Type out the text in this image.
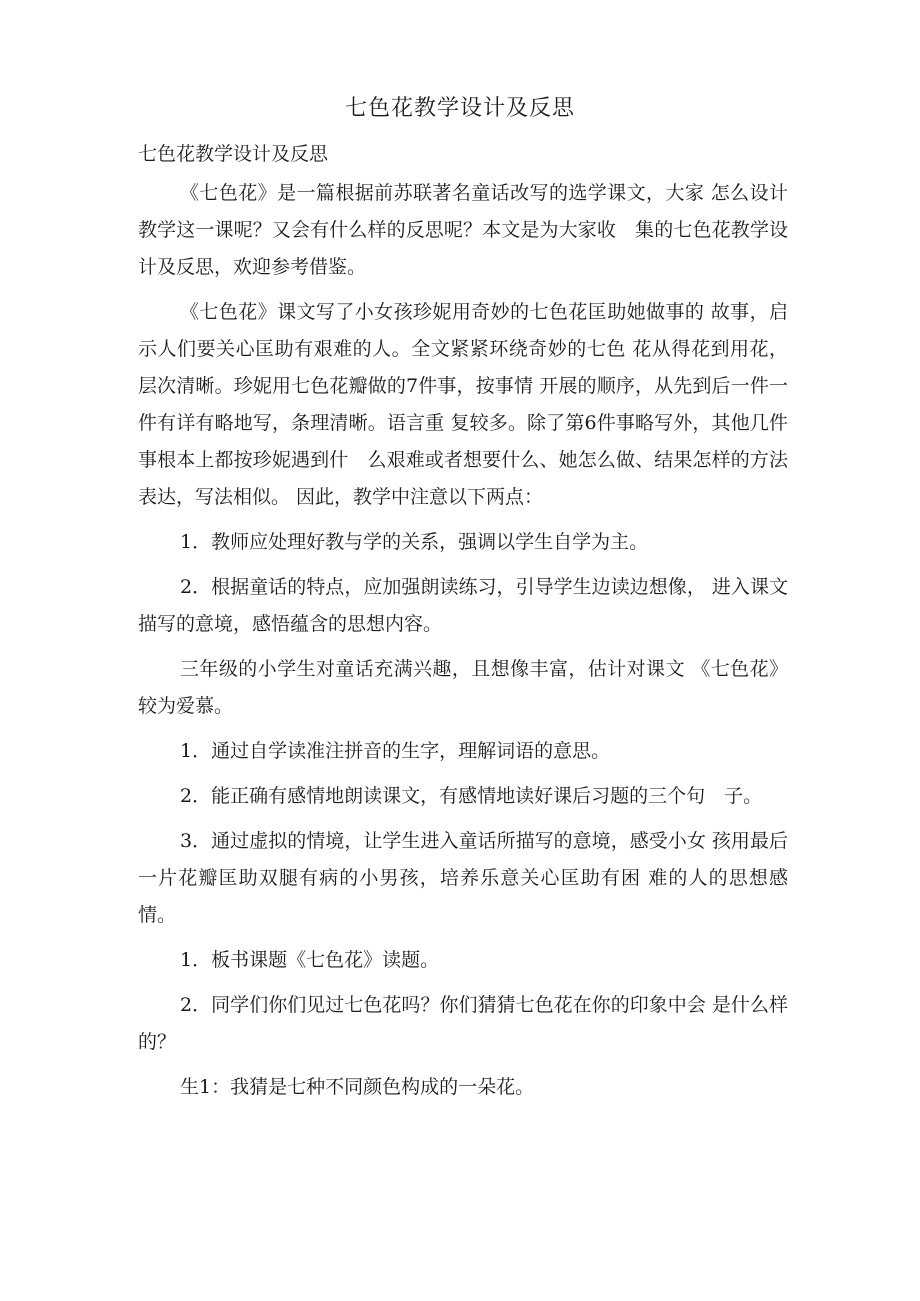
七色花教学设计及反思

七色花教学设计及反思

《七色花》是一篇根据前苏联著名童话改写的选学课文，大家 怎么设计教学这一课呢？又会有什么样的反思呢？本文是为大家收　集的七色花教学设计及反思，欢迎参考借鉴。

《七色花》课文写了小女孩珍妮用奇妙的七色花匡助她做事的 故事，启示人们要关心匡助有艰难的人。全文紧紧环绕奇妙的七色 花从得花到用花，层次清晰。珍妮用七色花瓣做的7件事，按事情 开展的顺序，从先到后一件一件有详有略地写，条理清晰。语言重 复较多。除了第6件事略写外，其他几件事根本上都按珍妮遇到什　么艰难或者想要什么、她怎么做、结果怎样的方法表达，写法相似。 因此，教学中注意以下两点：

1．教师应处理好教与学的关系，强调以学生自学为主。

2．根据童话的特点，应加强朗读练习，引导学生边读边想像， 进入课文描写的意境，感悟蕴含的思想内容。

三年级的小学生对童话充满兴趣，且想像丰富，估计对课文 《七色花》较为爱慕。

1．通过自学读准注拼音的生字，理解词语的意思。

2．能正确有感情地朗读课文，有感情地读好课后习题的三个句　子。

3．通过虚拟的情境，让学生进入童话所描写的意境，感受小女 孩用最后一片花瓣匡助双腿有病的小男孩，培养乐意关心匡助有困 难的人的思想感情。

1．板书课题《七色花》读题。

2．同学们你们见过七色花吗？你们猜猜七色花在你的印象中会 是什么样的？

生1：我猜是七种不同颜色构成的一朵花。
